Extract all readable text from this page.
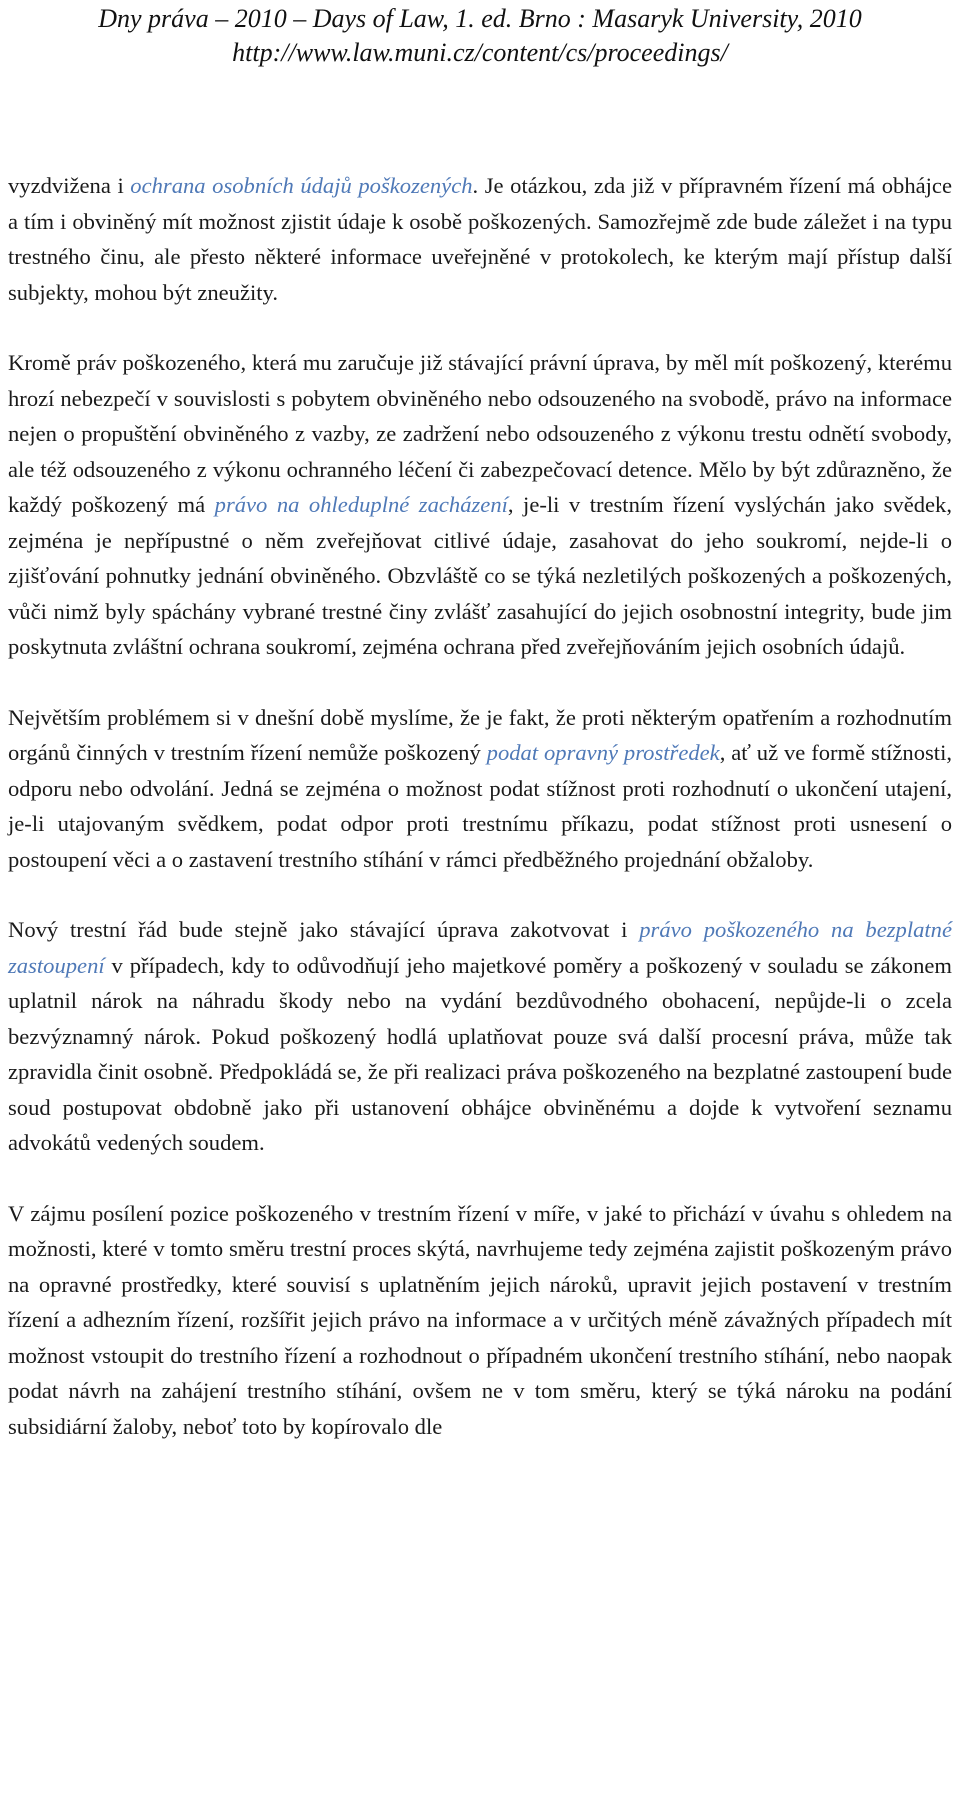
Dny práva – 2010 – Days of Law, 1. ed. Brno : Masaryk University, 2010
http://www.law.muni.cz/content/cs/proceedings/

vyzdvižena i ochrana osobních údajů poškozených. Je otázkou, zda již v přípravném řízení má obhájce a tím i obviněný mít možnost zjistit údaje k osobě poškozených. Samozřejmě zde bude záležet i na typu trestného činu, ale přesto některé informace uveřejněné v protokolech, ke kterým mají přístup další subjekty, mohou být zneužity.

Kromě práv poškozeného, která mu zaručuje již stávající právní úprava, by měl mít poškozený, kterému hrozí nebezpečí v souvislosti s pobytem obviněného nebo odsouzeného na svobodě, právo na informace nejen o propuštění obviněného z vazby, ze zadržení nebo odsouzeného z výkonu trestu odnětí svobody, ale též odsouzeného z výkonu ochranného léčení či zabezpečovací detence. Mělo by být zdůrazněno, že každý poškozený má právo na ohleduplné zacházení, je-li v trestním řízení vyslýchán jako svědek, zejména je nepřípustné o něm zveřejňovat citlivé údaje, zasahovat do jeho soukromí, nejde-li o zjišťování pohnutky jednání obviněného. Obzvláště co se týká nezletilých poškozených a poškozených, vůči nimž byly spáchány vybrané trestné činy zvlášť zasahující do jejich osobnostní integrity, bude jim poskytnuta zvláštní ochrana soukromí, zejména ochrana před zveřejňováním jejich osobních údajů.

Největším problémem si v dnešní době myslíme, že je fakt, že proti některým opatřením a rozhodnutím orgánů činných v trestním řízení nemůže poškozený podat opravný prostředek, ať už ve formě stížnosti, odporu nebo odvolání. Jedná se zejména o možnost podat stížnost proti rozhodnutí o ukončení utajení, je-li utajovaným svědkem, podat odpor proti trestnímu příkazu, podat stížnost proti usnesení o postoupení věci a o zastavení trestního stíhání v rámci předběžného projednání obžaloby.

Nový trestní řád bude stejně jako stávající úprava zakotvovat i právo poškozeného na bezplatné zastoupení v případech, kdy to odůvodňují jeho majetkové poměry a poškozený v souladu se zákonem uplatnil nárok na náhradu škody nebo na vydání bezdůvodného obohacení, nepůjde-li o zcela bezvýznamný nárok. Pokud poškozený hodlá uplatňovat pouze svá další procesní práva, může tak zpravidla činit osobně. Předpokládá se, že při realizaci práva poškozeného na bezplatné zastoupení bude soud postupovat obdobně jako při ustanovení obhájce obviněnému a dojde k vytvoření seznamu advokátů vedených soudem.

V zájmu posílení pozice poškozeného v trestním řízení v míře, v jaké to přichází v úvahu s ohledem na možnosti, které v tomto směru trestní proces skýtá, navrhujeme tedy zejména zajistit poškozeným právo na opravné prostředky, které souvisí s uplatněním jejich nároků, upravit jejich postavení v trestním řízení a adhezním řízení, rozšířit jejich právo na informace a v určitých méně závažných případech mít možnost vstoupit do trestního řízení a rozhodnout o případném ukončení trestního stíhání, nebo naopak podat návrh na zahájení trestního stíhání, ovšem ne v tom směru, který se týká nároku na podání subsidiární žaloby, neboť toto by kopírovalo dle
